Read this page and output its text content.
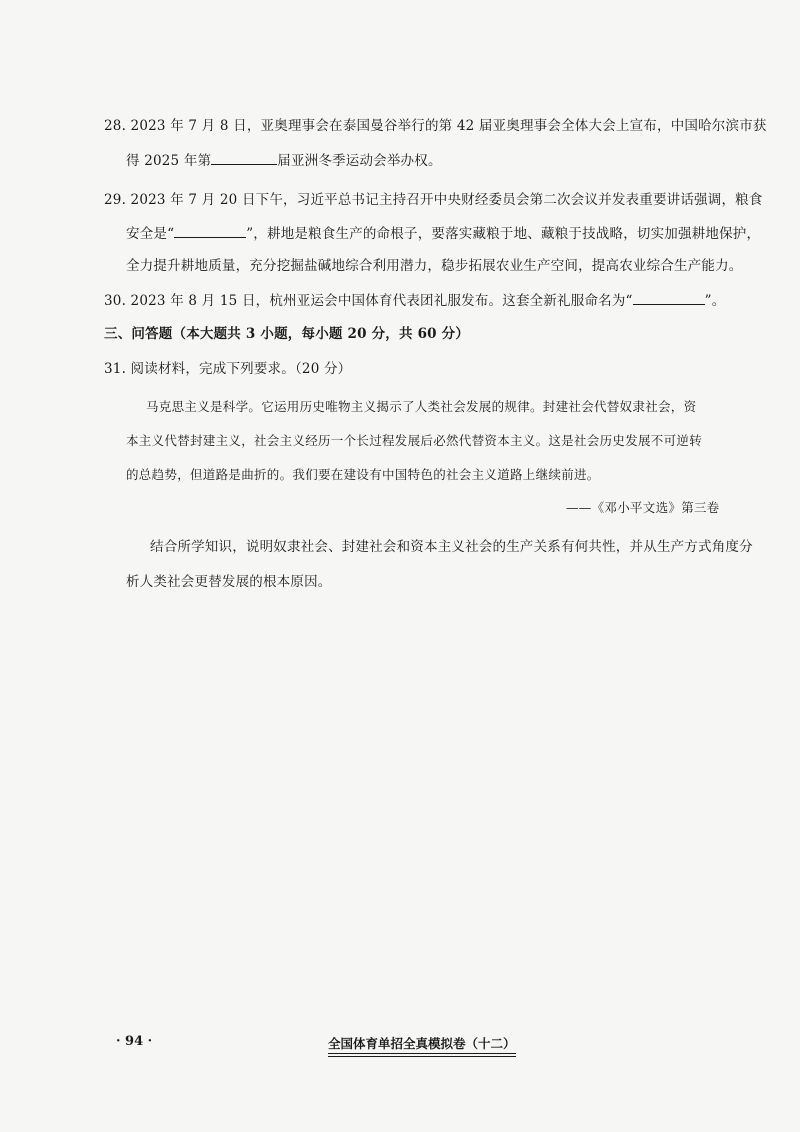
28. 2023 年 7 月 8 日，亚奥理事会在泰国曼谷举行的第 42 届亚奥理事会全体大会上宣布，中国哈尔滨市获
得 2025 年第	届亚洲冬季运动会举办权。
29. 2023 年 7 月 20 日下午，习近平总书记主持召开中央财经委员会第二次会议并发表重要讲话强调，粮食
安全是“	”，耕地是粮食生产的命根子，要落实藏粮于地、藏粮于技战略，切实加强耕地保护，
全力提升耕地质量，充分挖掘盐碱地综合利用潜力，稳步拓展农业生产空间，提高农业综合生产能力。
30. 2023 年 8 月 15 日，杭州亚运会中国体育代表团礼服发布。这套全新礼服命名为“	”。
三、问答题（本大题共 3 小题，每小题 20 分，共 60 分）
31. 阅读材料，完成下列要求。（20 分）
马克思主义是科学。它运用历史唯物主义揭示了人类社会发展的规律。封建社会代替奴隶社会，资
本主义代替封建主义，社会主义经历一个长过程发展后必然代替资本主义。这是社会历史发展不可逆转
的总趋势，但道路是曲折的。我们要在建设有中国特色的社会主义道路上继续前进。
——《邓小平文选》第三卷
结合所学知识，说明奴隶社会、封建社会和资本主义社会的生产关系有何共性，并从生产方式角度分
析人类社会更替发展的根本原因。
· 94 ·	全国体育单招全真模拟卷（十二）
